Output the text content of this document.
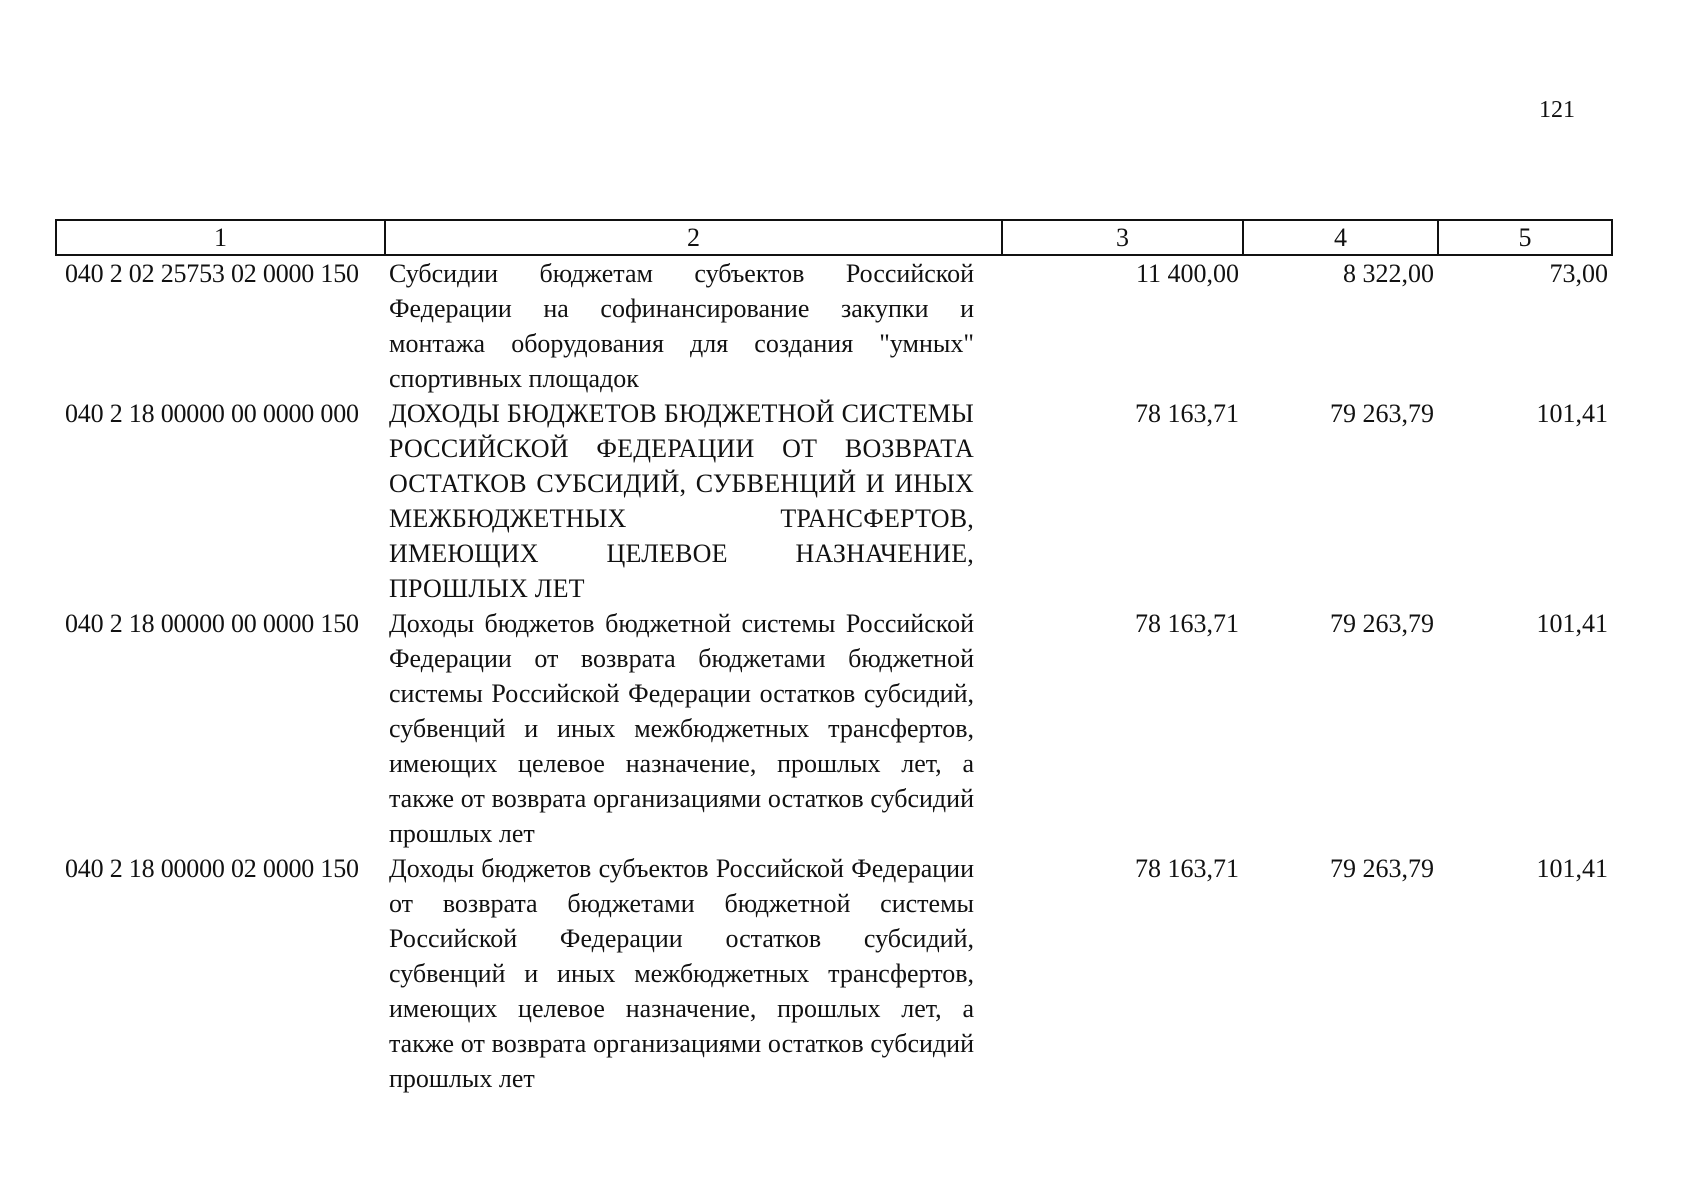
121
1	2	3	4	5
040 2 02 25753 02 0000 150	Субсидии бюджетам субъектов Российской Федерации на софинансирование закупки и монтажа оборудования для создания "умных" спортивных площадок	11 400,00	8 322,00	73,00
040 2 18 00000 00 0000 000	ДОХОДЫ БЮДЖЕТОВ БЮДЖЕТНОЙ СИСТЕМЫ РОССИЙСКОЙ ФЕДЕРАЦИИ ОТ ВОЗВРАТА ОСТАТКОВ СУБСИДИЙ, СУБВЕНЦИЙ И ИНЫХ МЕЖБЮДЖЕТНЫХ ТРАНСФЕРТОВ, ИМЕЮЩИХ ЦЕЛЕВОЕ НАЗНАЧЕНИЕ, ПРОШЛЫХ ЛЕТ	78 163,71	79 263,79	101,41
040 2 18 00000 00 0000 150	Доходы бюджетов бюджетной системы Российской Федерации от возврата бюджетами бюджетной системы Российской Федерации остатков субсидий, субвенций и иных межбюджетных трансфертов, имеющих целевое назначение, прошлых лет, а также от возврата организациями остатков субсидий прошлых лет	78 163,71	79 263,79	101,41
040 2 18 00000 02 0000 150	Доходы бюджетов субъектов Российской Федерации от возврата бюджетами бюджетной системы Российской Федерации остатков субсидий, субвенций и иных межбюджетных трансфертов, имеющих целевое назначение, прошлых лет, а также от возврата организациями остатков субсидий прошлых лет	78 163,71	79 263,79	101,41
